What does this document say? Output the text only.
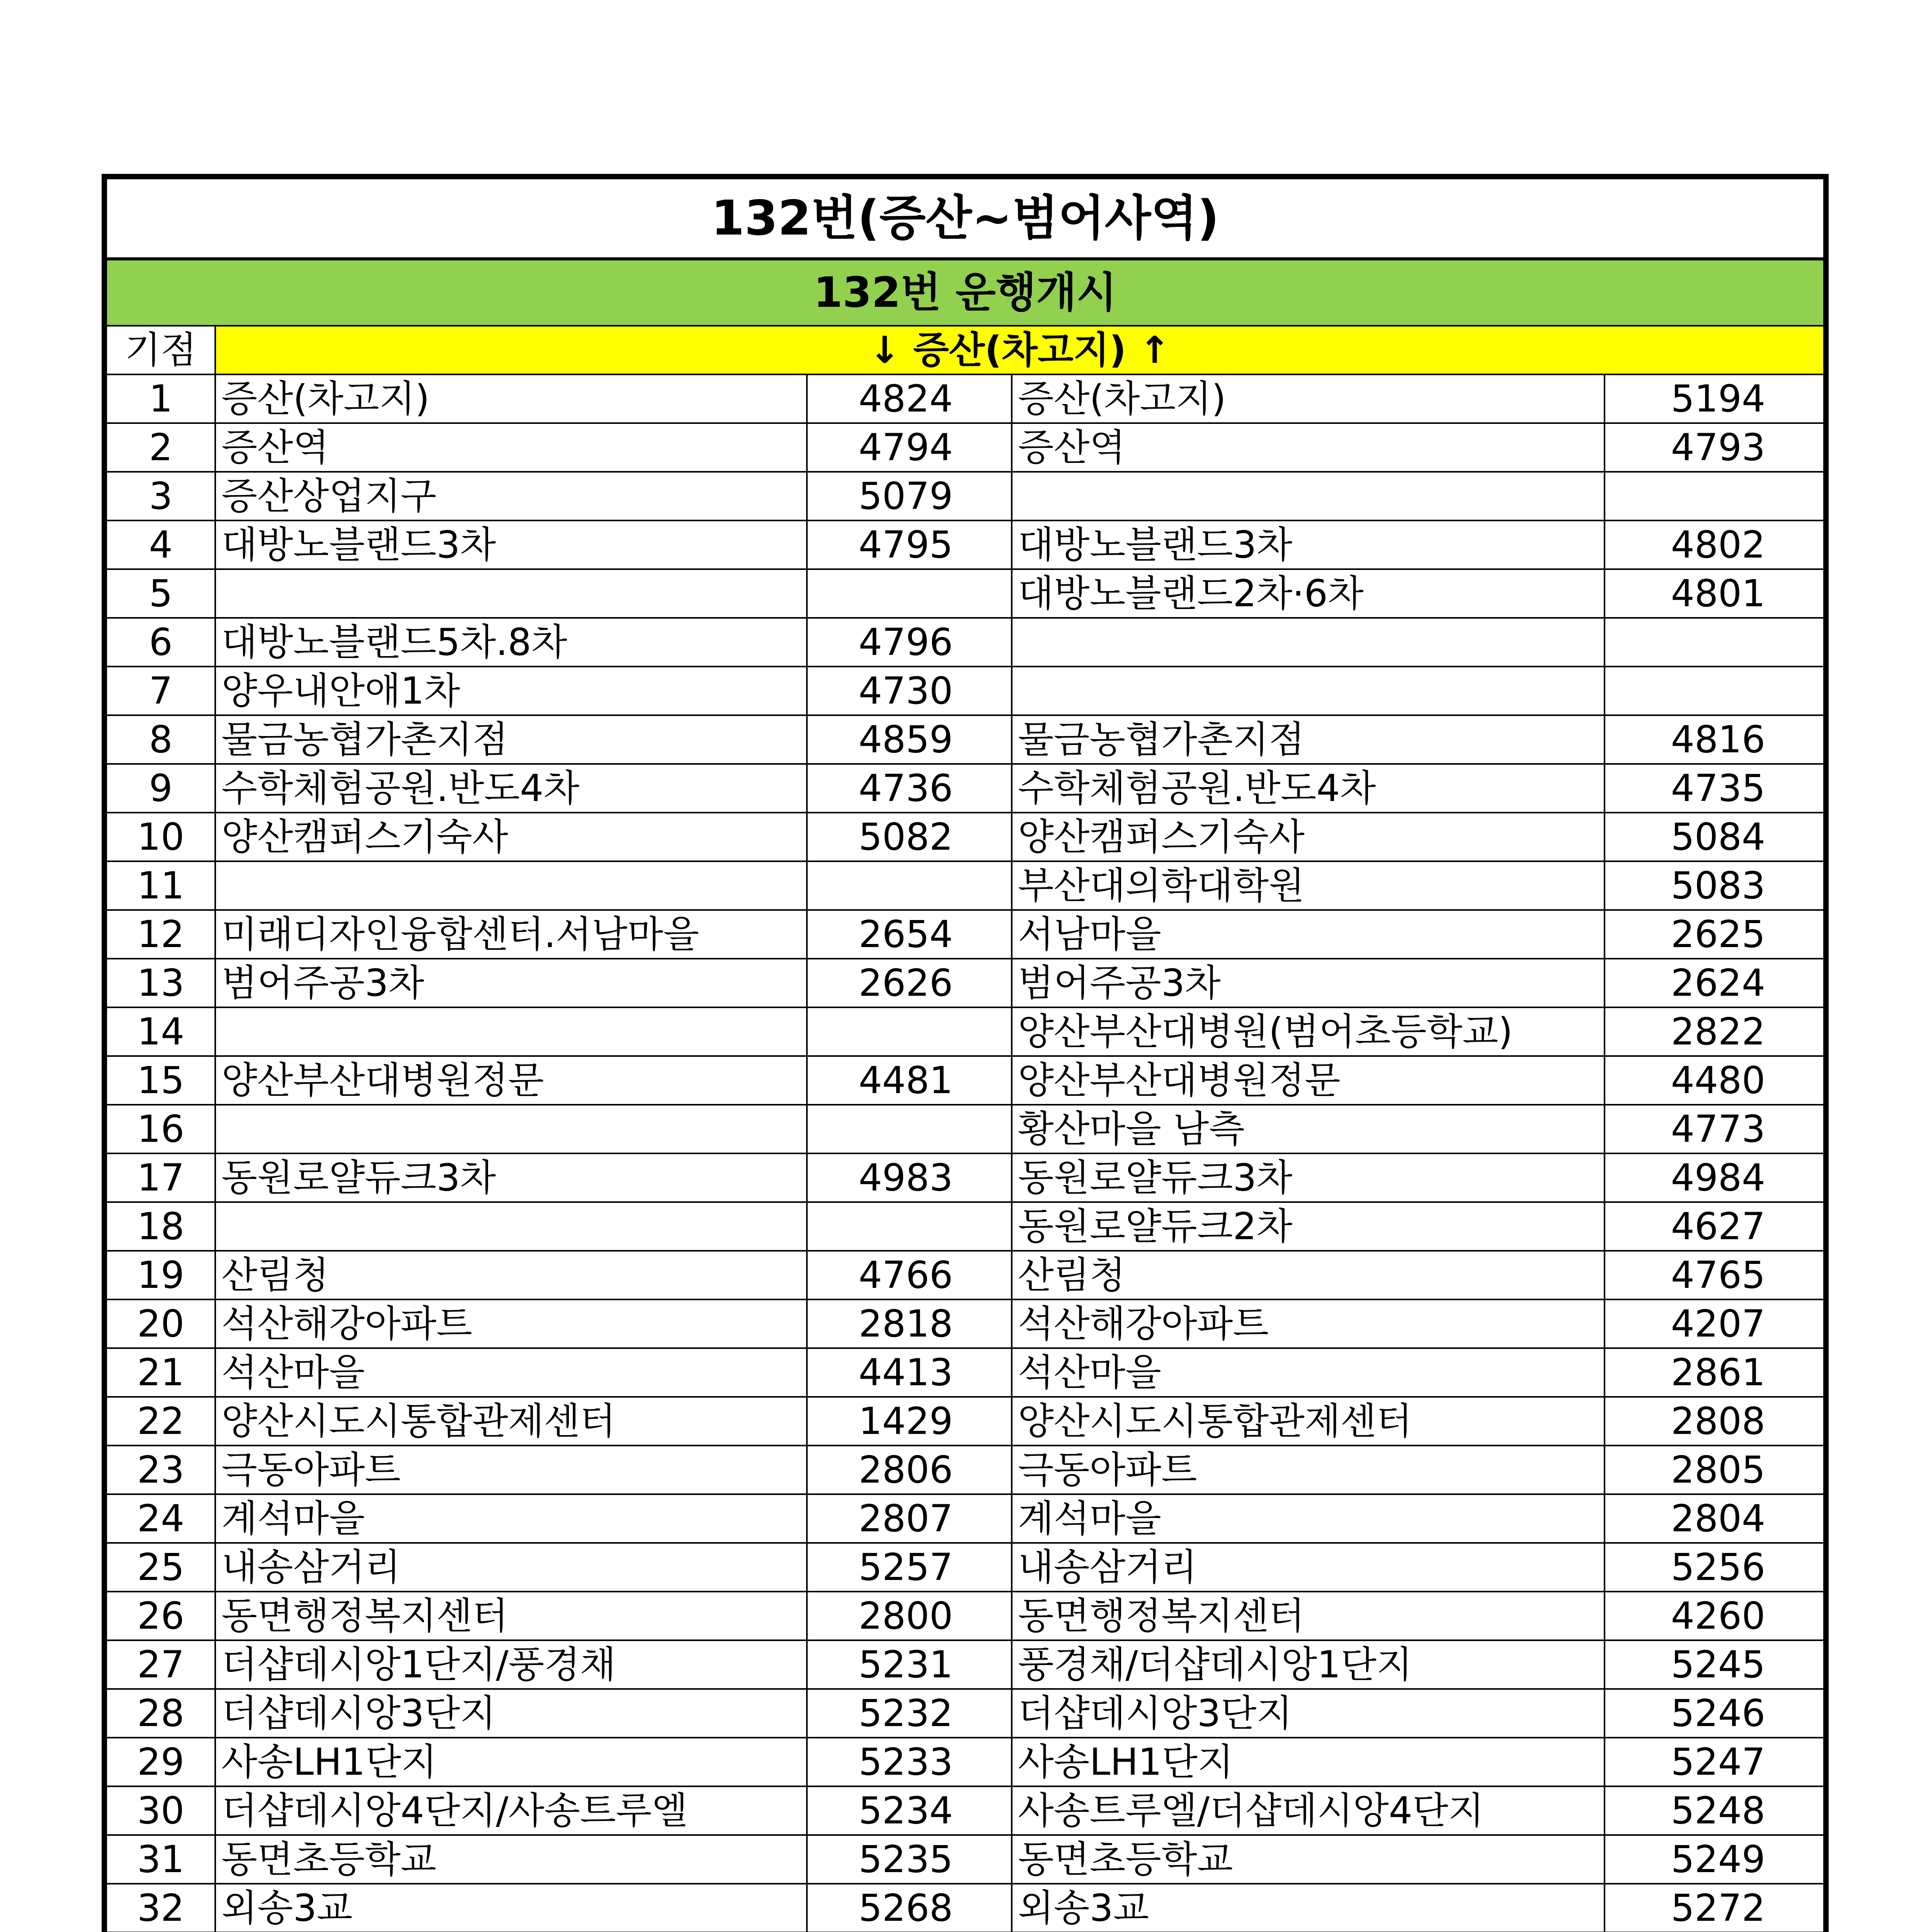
132번(증산~범어사역)				
132번 운행개시				
기점	↓ 증산(차고지) ↑			
1	증산(차고지)	4824	증산(차고지)	5194
2	증산역	4794	증산역	4793
3	증산상업지구	5079		
4	대방노블랜드3차	4795	대방노블랜드3차	4802
5			대방노블랜드2차·6차	4801
6	대방노블랜드5차.8차	4796		
7	양우내안애1차	4730		
8	물금농협가촌지점	4859	물금농협가촌지점	4816
9	수학체험공원.반도4차	4736	수학체험공원.반도4차	4735
10	양산캠퍼스기숙사	5082	양산캠퍼스기숙사	5084
11			부산대의학대학원	5083
12	미래디자인융합센터.서남마을	2654	서남마을	2625
13	범어주공3차	2626	범어주공3차	2624
14			양산부산대병원(범어초등학교)	2822
15	양산부산대병원정문	4481	양산부산대병원정문	4480
16			황산마을 남측	4773
17	동원로얄듀크3차	4983	동원로얄듀크3차	4984
18			동원로얄듀크2차	4627
19	산림청	4766	산림청	4765
20	석산해강아파트	2818	석산해강아파트	4207
21	석산마을	4413	석산마을	2861
22	양산시도시통합관제센터	1429	양산시도시통합관제센터	2808
23	극동아파트	2806	극동아파트	2805
24	계석마을	2807	계석마을	2804
25	내송삼거리	5257	내송삼거리	5256
26	동면행정복지센터	2800	동면행정복지센터	4260
27	더샵데시앙1단지/풍경채	5231	풍경채/더샵데시앙1단지	5245
28	더샵데시앙3단지	5232	더샵데시앙3단지	5246
29	사송LH1단지	5233	사송LH1단지	5247
30	더샵데시앙4단지/사송트루엘	5234	사송트루엘/더샵데시앙4단지	5248
31	동면초등학교	5235	동면초등학교	5249
32	외송3교	5268	외송3교	5272
